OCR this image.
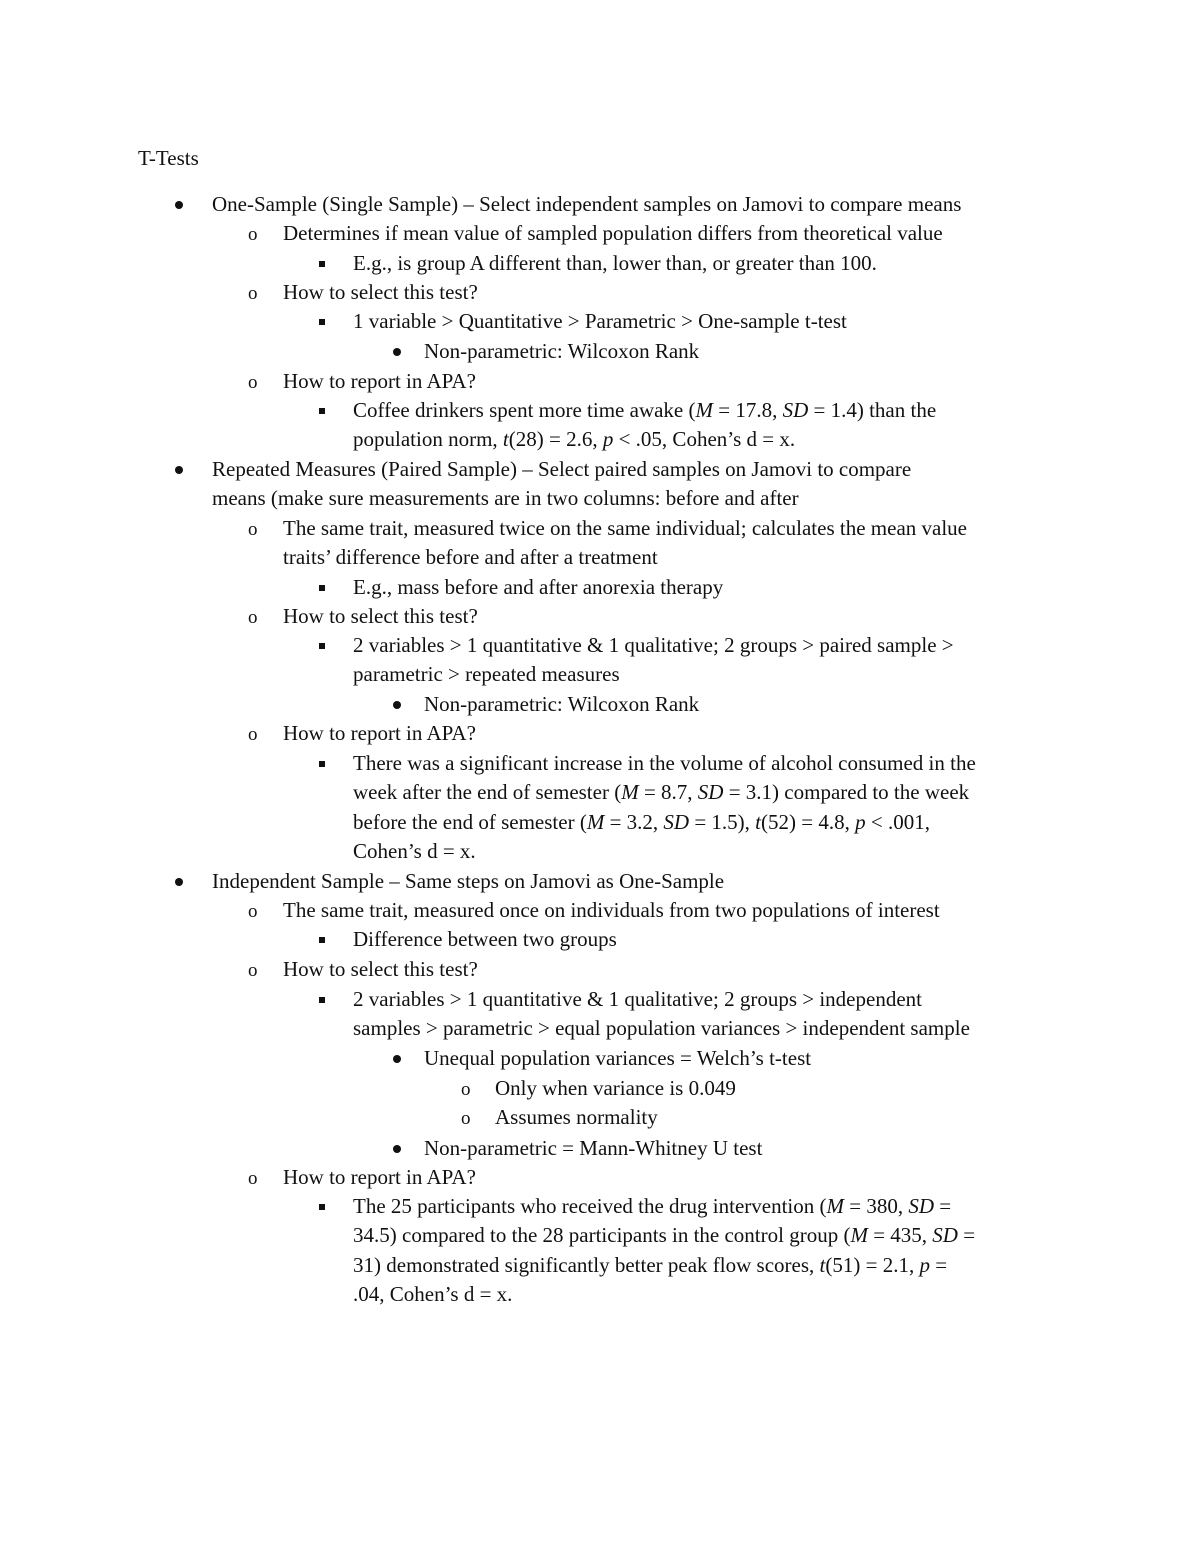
T-Tests
One-Sample (Single Sample) – Select independent samples on Jamovi to compare means
o Determines if mean value of sampled population differs from theoretical value
E.g., is group A different than, lower than, or greater than 100.
o How to select this test?
1 variable > Quantitative > Parametric > One-sample t-test
Non-parametric: Wilcoxon Rank
o How to report in APA?
Coffee drinkers spent more time awake (M = 17.8, SD = 1.4) than the
population norm, t(28) = 2.6, p < .05, Cohen’s d = x.
Repeated Measures (Paired Sample) – Select paired samples on Jamovi to compare
means (make sure measurements are in two columns: before and after
o The same trait, measured twice on the same individual; calculates the mean value
traits’ difference before and after a treatment
E.g., mass before and after anorexia therapy
o How to select this test?
2 variables > 1 quantitative & 1 qualitative; 2 groups > paired sample >
parametric > repeated measures
Non-parametric: Wilcoxon Rank
o How to report in APA?
There was a significant increase in the volume of alcohol consumed in the
week after the end of semester (M = 8.7, SD = 3.1) compared to the week
before the end of semester (M = 3.2, SD = 1.5), t(52) = 4.8, p < .001,
Cohen’s d = x.
Independent Sample – Same steps on Jamovi as One-Sample
o The same trait, measured once on individuals from two populations of interest
Difference between two groups
o How to select this test?
2 variables > 1 quantitative & 1 qualitative; 2 groups > independent
samples > parametric > equal population variances > independent sample
Unequal population variances = Welch’s t-test
o Only when variance is 0.049
o Assumes normality
Non-parametric = Mann-Whitney U test
o How to report in APA?
The 25 participants who received the drug intervention (M = 380, SD =
34.5) compared to the 28 participants in the control group (M = 435, SD =
31) demonstrated significantly better peak flow scores, t(51) = 2.1, p =
.04, Cohen’s d = x.
